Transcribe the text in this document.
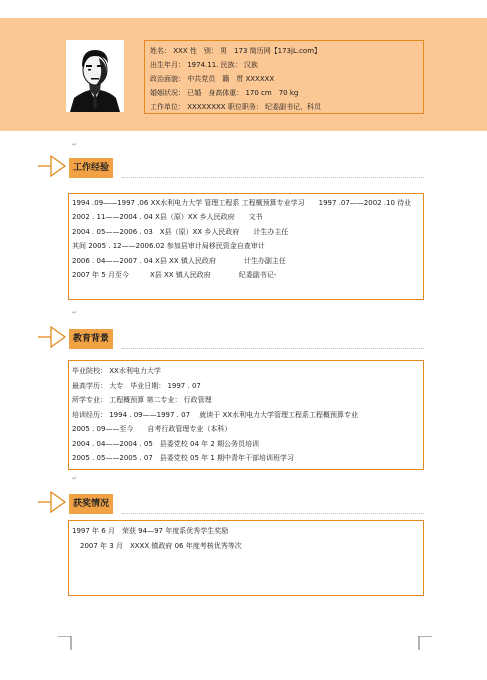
姓名： XXX 性　别： 男　173 简历网【173jL.com】
出生年月： 1974.11. 民族： 汉族
政治面貌： 中共党员　籍　贯 XXXXXX
婚姻状况： 已婚　身高体重： 170 cm　70 kg
工作单位： XXXXXXXX 职位职务： 纪委副书记、科员
↵
↵
↵
工作经验
1994 .09——1997 .06 XX水利电力大学 管理工程系 工程概预算专业学习　　1997 .07——2002 .10 待业
2002 . 11——2004 . 04 X县（原）XX 乡人民政府　　文书
2004 . 05——2006 . 03　X县（原）XX 乡人民政府　　计生办主任
其间 2005 . 12——2006.02 参加县审计局移民资金自查审计
2006 . 04——2007 . 04 X县 XX 镇人民政府　　　　计生办副主任
2007 年 5 月至今　　　X县 XX 镇人民政府　　　　纪委副书记-
教育背景
毕业院校： XX水利电力大学
最高学历： 大专　毕业日期： 1997 . 07
所学专业： 工程概预算 第二专业： 行政管理
培训经历： 1994 . 09——1997 . 07　 就读于 XX水利电力大学管理工程系工程概预算专业
2005 . 09——至今　　自考行政管理专业（本科）
2004 . 04——2004 . 05　县委党校 04 年 2 期公务员培训
2005 . 05——2005 . 07　县委党校 05 年 1 期中青年干部培训班学习
获奖情况
1997 年 6 月　荣获 94—97 年度系优秀学生奖励
2007 年 3 月　XXXX 镇政府 06 年度考核优秀等次
